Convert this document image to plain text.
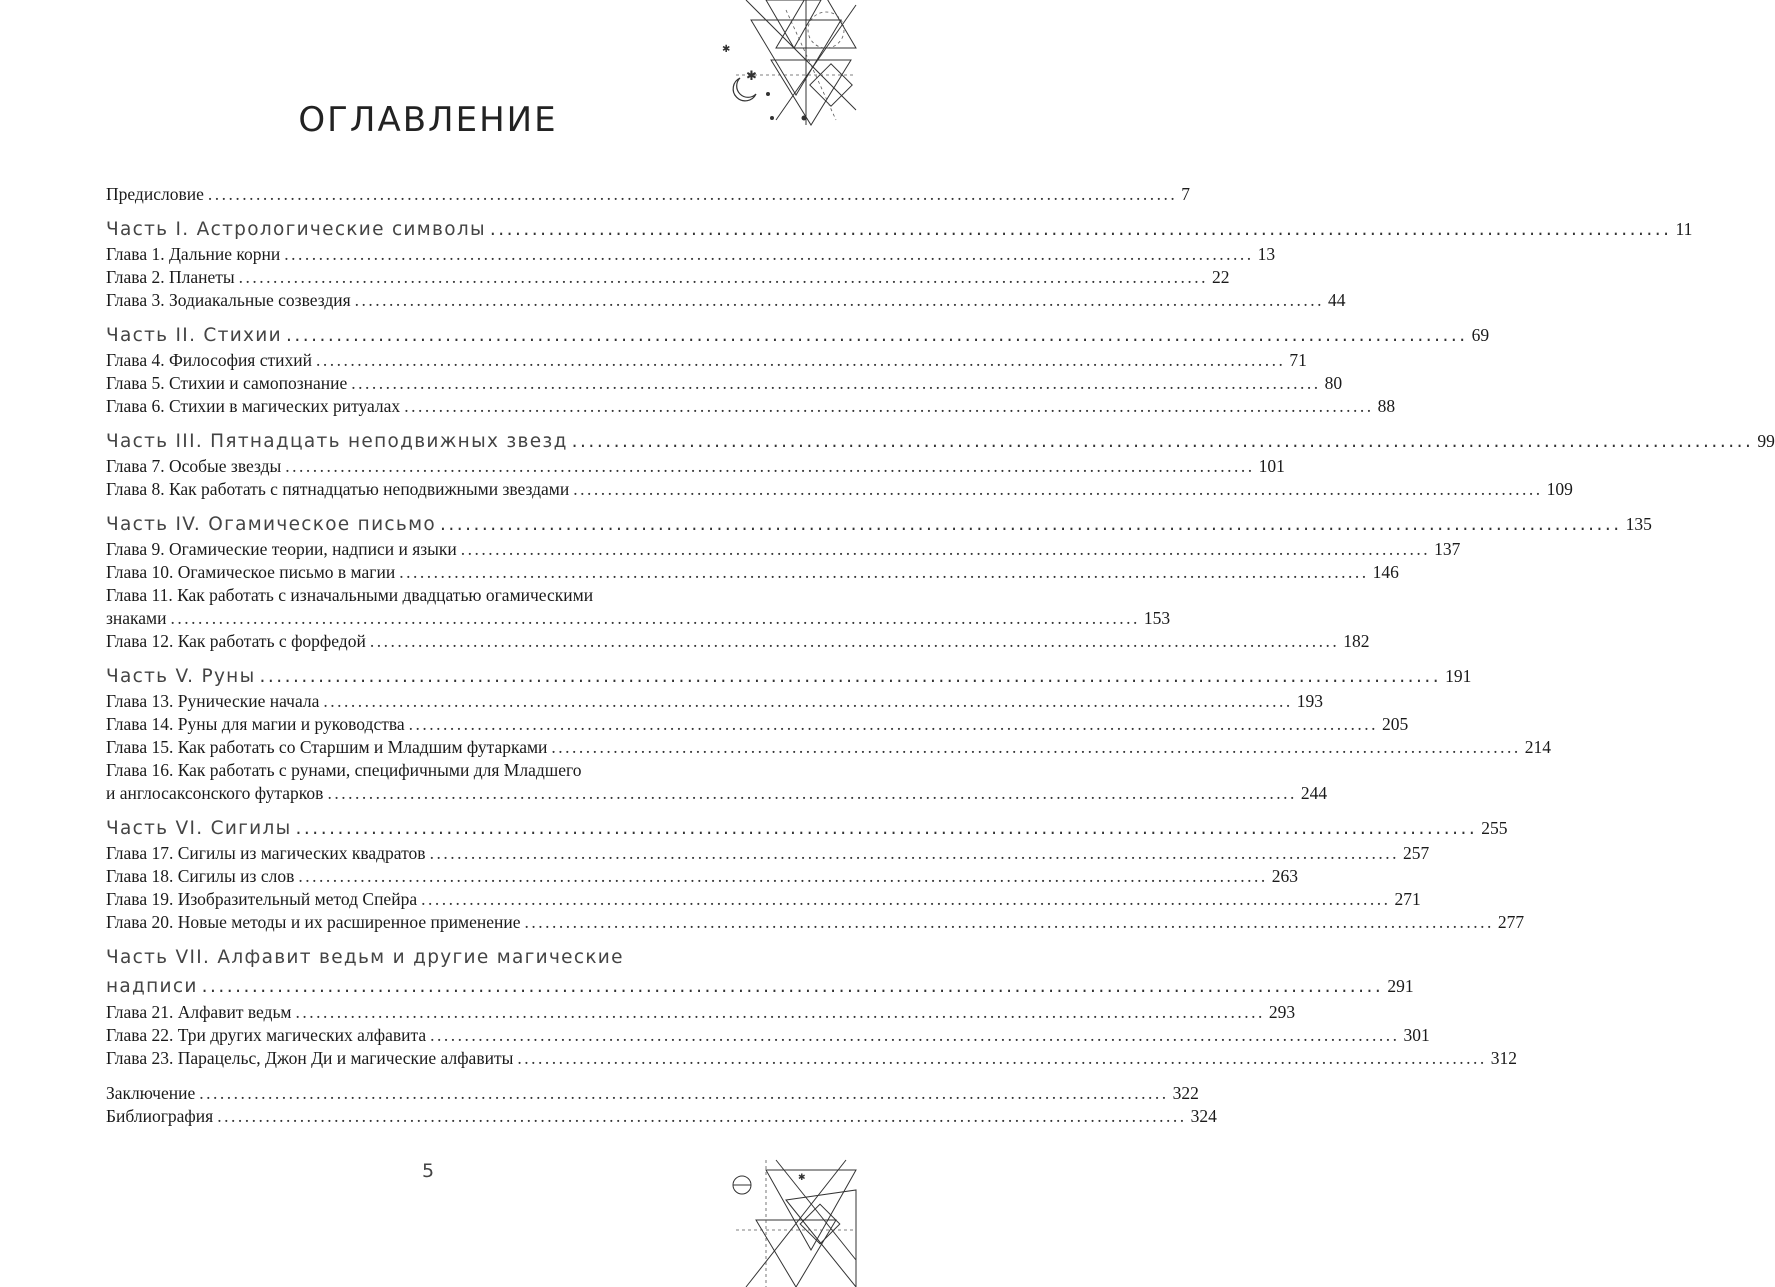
✱
✱
✱
ОГЛАВЛЕНИЕ
Предисловие ............................................................................................................................................. 7
Часть I. Астрологические символы ............................................................................................................................................. 11
Глава 1. Дальние корни ............................................................................................................................................. 13
Глава 2. Планеты ............................................................................................................................................. 22
Глава 3. Зодиакальные созвездия ............................................................................................................................................. 44
Часть II. Стихии ............................................................................................................................................. 69
Глава 4. Философия стихий ............................................................................................................................................. 71
Глава 5. Стихии и самопознание ............................................................................................................................................. 80
Глава 6. Стихии в магических ритуалах ............................................................................................................................................. 88
Часть III. Пятнадцать неподвижных звезд ............................................................................................................................................. 99
Глава 7. Особые звезды ............................................................................................................................................. 101
Глава 8. Как работать с пятнадцатью неподвижными звездами ............................................................................................................................................. 109
Часть IV. Огамическое письмо ............................................................................................................................................. 135
Глава 9. Огамические теории, надписи и языки ............................................................................................................................................. 137
Глава 10. Огамическое письмо в магии ............................................................................................................................................. 146
Глава 11. Как работать с изначальными двадцатью огамическими
знаками ............................................................................................................................................. 153
Глава 12. Как работать с форфедой ............................................................................................................................................. 182
Часть V. Руны ............................................................................................................................................. 191
Глава 13. Рунические начала ............................................................................................................................................. 193
Глава 14. Руны для магии и руководства ............................................................................................................................................. 205
Глава 15. Как работать со Старшим и Младшим футарками ............................................................................................................................................. 214
Глава 16. Как работать с рунами, специфичными для Младшего
и англосаксонского футарков ............................................................................................................................................. 244
Часть VI. Сигилы ............................................................................................................................................. 255
Глава 17. Сигилы из магических квадратов ............................................................................................................................................. 257
Глава 18. Сигилы из слов ............................................................................................................................................. 263
Глава 19. Изобразительный метод Спейра ............................................................................................................................................. 271
Глава 20. Новые методы и их расширенное применение ............................................................................................................................................. 277
Часть VII. Алфавит ведьм и другие магические
надписи ............................................................................................................................................. 291
Глава 21. Алфавит ведьм ............................................................................................................................................. 293
Глава 22. Три других магических алфавита ............................................................................................................................................. 301
Глава 23. Парацельс, Джон Ди и магические алфавиты ............................................................................................................................................. 312
Заключение ............................................................................................................................................. 322
Библиография ............................................................................................................................................. 324
5
